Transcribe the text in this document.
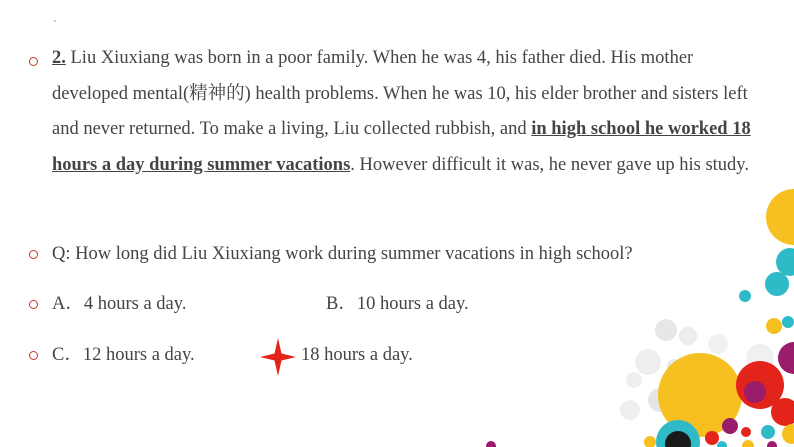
2. Liu Xiuxiang was born in a poor family. When he was 4, his father died. His mother developed mental(精神的) health problems. When he was 10, his elder brother and sisters left and never returned. To make a living, Liu collected rubbish, and in high school he worked 18 hours a day during summer vacations. However difficult it was, he never gave up his study.

Q: How long did Liu Xiuxiang work during summer vacations in high school?
A．4 hours a day.	B．10 hours a day.
C．12 hours a day.	18 hours a day.
